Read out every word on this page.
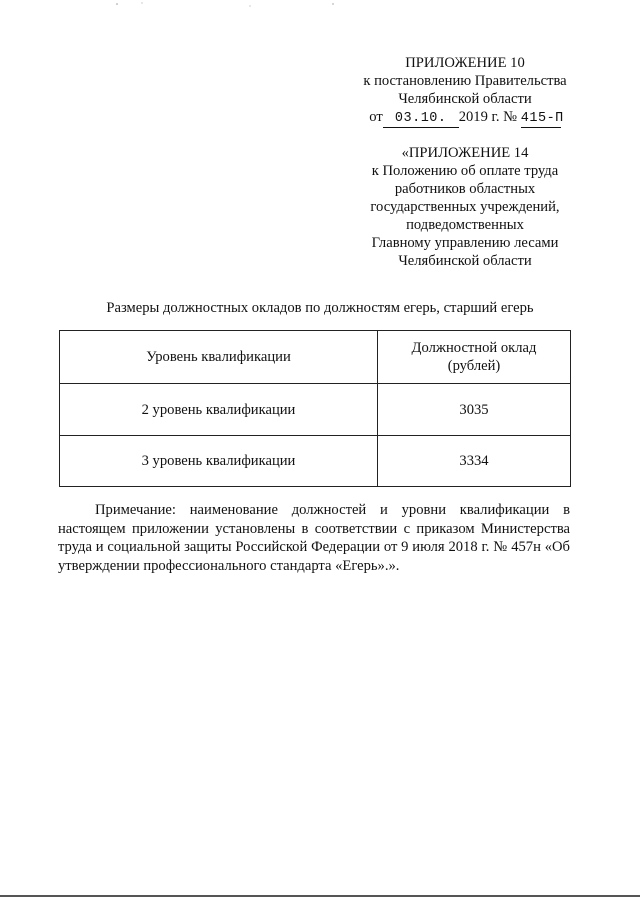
ПРИЛОЖЕНИЕ 10
к постановлению Правительства
Челябинской области
от 03.10. 2019 г. № 415-П
«ПРИЛОЖЕНИЕ 14
к Положению об оплате труда
работников областных
государственных учреждений,
подведомственных
Главному управлению лесами
Челябинской области
Размеры должностных окладов по должностям егерь, старший егерь
Уровень квалификации	Должностной оклад (рублей)
2 уровень квалификации	3035
3 уровень квалификации	3334

Примечание: наименование должностей и уровни квалификации в настоящем приложении установлены в соответствии с приказом Министерства труда и социальной защиты Российской Федерации от 9 июля 2018 г. № 457н «Об утверждении профессионального стандарта «Егерь».».
